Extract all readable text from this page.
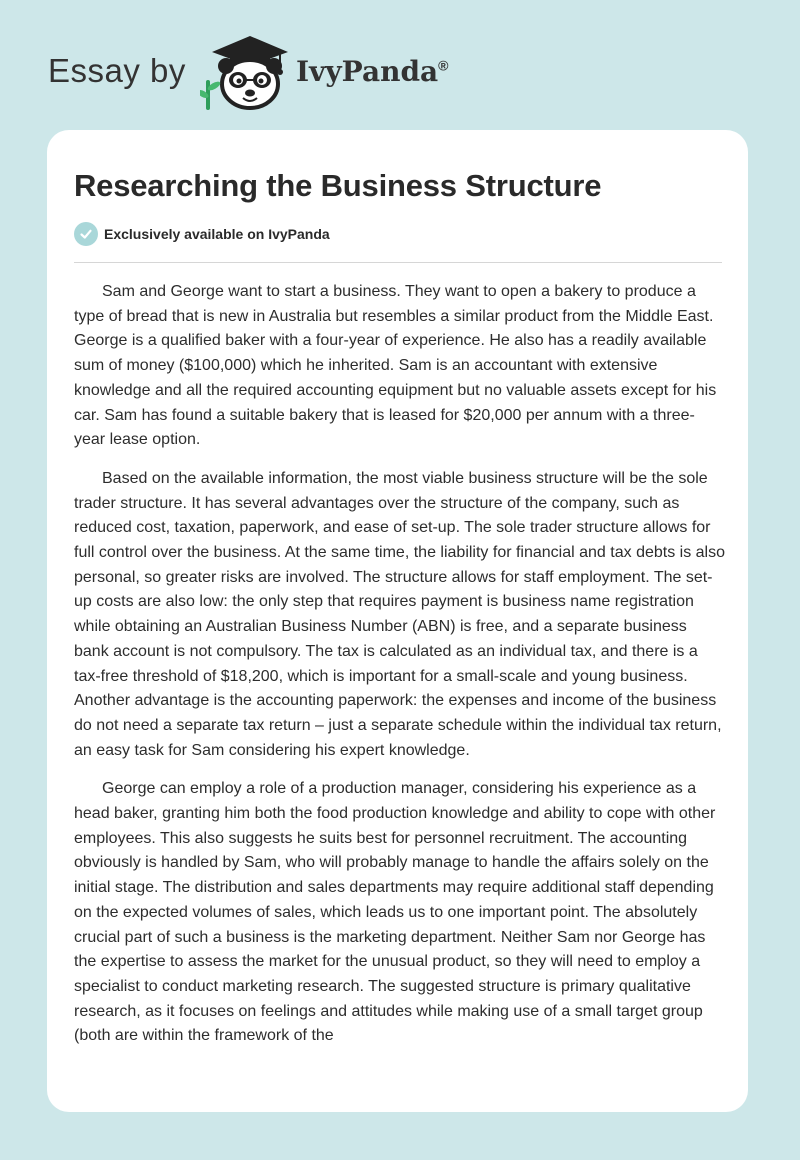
Essay by	IvyPanda®
Researching the Business Structure
Exclusively available on IvyPanda

Sam and George want to start a business. They want to open a bakery to produce a type of bread that is new in Australia but resembles a similar product from the Middle East. George is a qualified baker with a four-year of experience. He also has a readily available sum of money ($100,000) which he inherited. Sam is an accountant with extensive knowledge and all the required accounting equipment but no valuable assets except for his car. Sam has found a suitable bakery that is leased for $20,000 per annum with a three-year lease option.

Based on the available information, the most viable business structure will be the sole trader structure. It has several advantages over the structure of the company, such as reduced cost, taxation, paperwork, and ease of set-up. The sole trader structure allows for full control over the business. At the same time, the liability for financial and tax debts is also personal, so greater risks are involved. The structure allows for staff employment. The set-up costs are also low: the only step that requires payment is business name registration while obtaining an Australian Business Number (ABN) is free, and a separate business bank account is not compulsory. The tax is calculated as an individual tax, and there is a tax-free threshold of $18,200, which is important for a small-scale and young business. Another advantage is the accounting paperwork: the expenses and income of the business do not need a separate tax return – just a separate schedule within the individual tax return, an easy task for Sam considering his expert knowledge.

George can employ a role of a production manager, considering his experience as a head baker, granting him both the food production knowledge and ability to cope with other employees. This also suggests he suits best for personnel recruitment. The accounting obviously is handled by Sam, who will probably manage to handle the affairs solely on the initial stage. The distribution and sales departments may require additional staff depending on the expected volumes of sales, which leads us to one important point. The absolutely crucial part of such a business is the marketing department. Neither Sam nor George has the expertise to assess the market for the unusual product, so they will need to employ a specialist to conduct marketing research. The suggested structure is primary qualitative research, as it focuses on feelings and attitudes while making use of a small target group (both are within the framework of the
